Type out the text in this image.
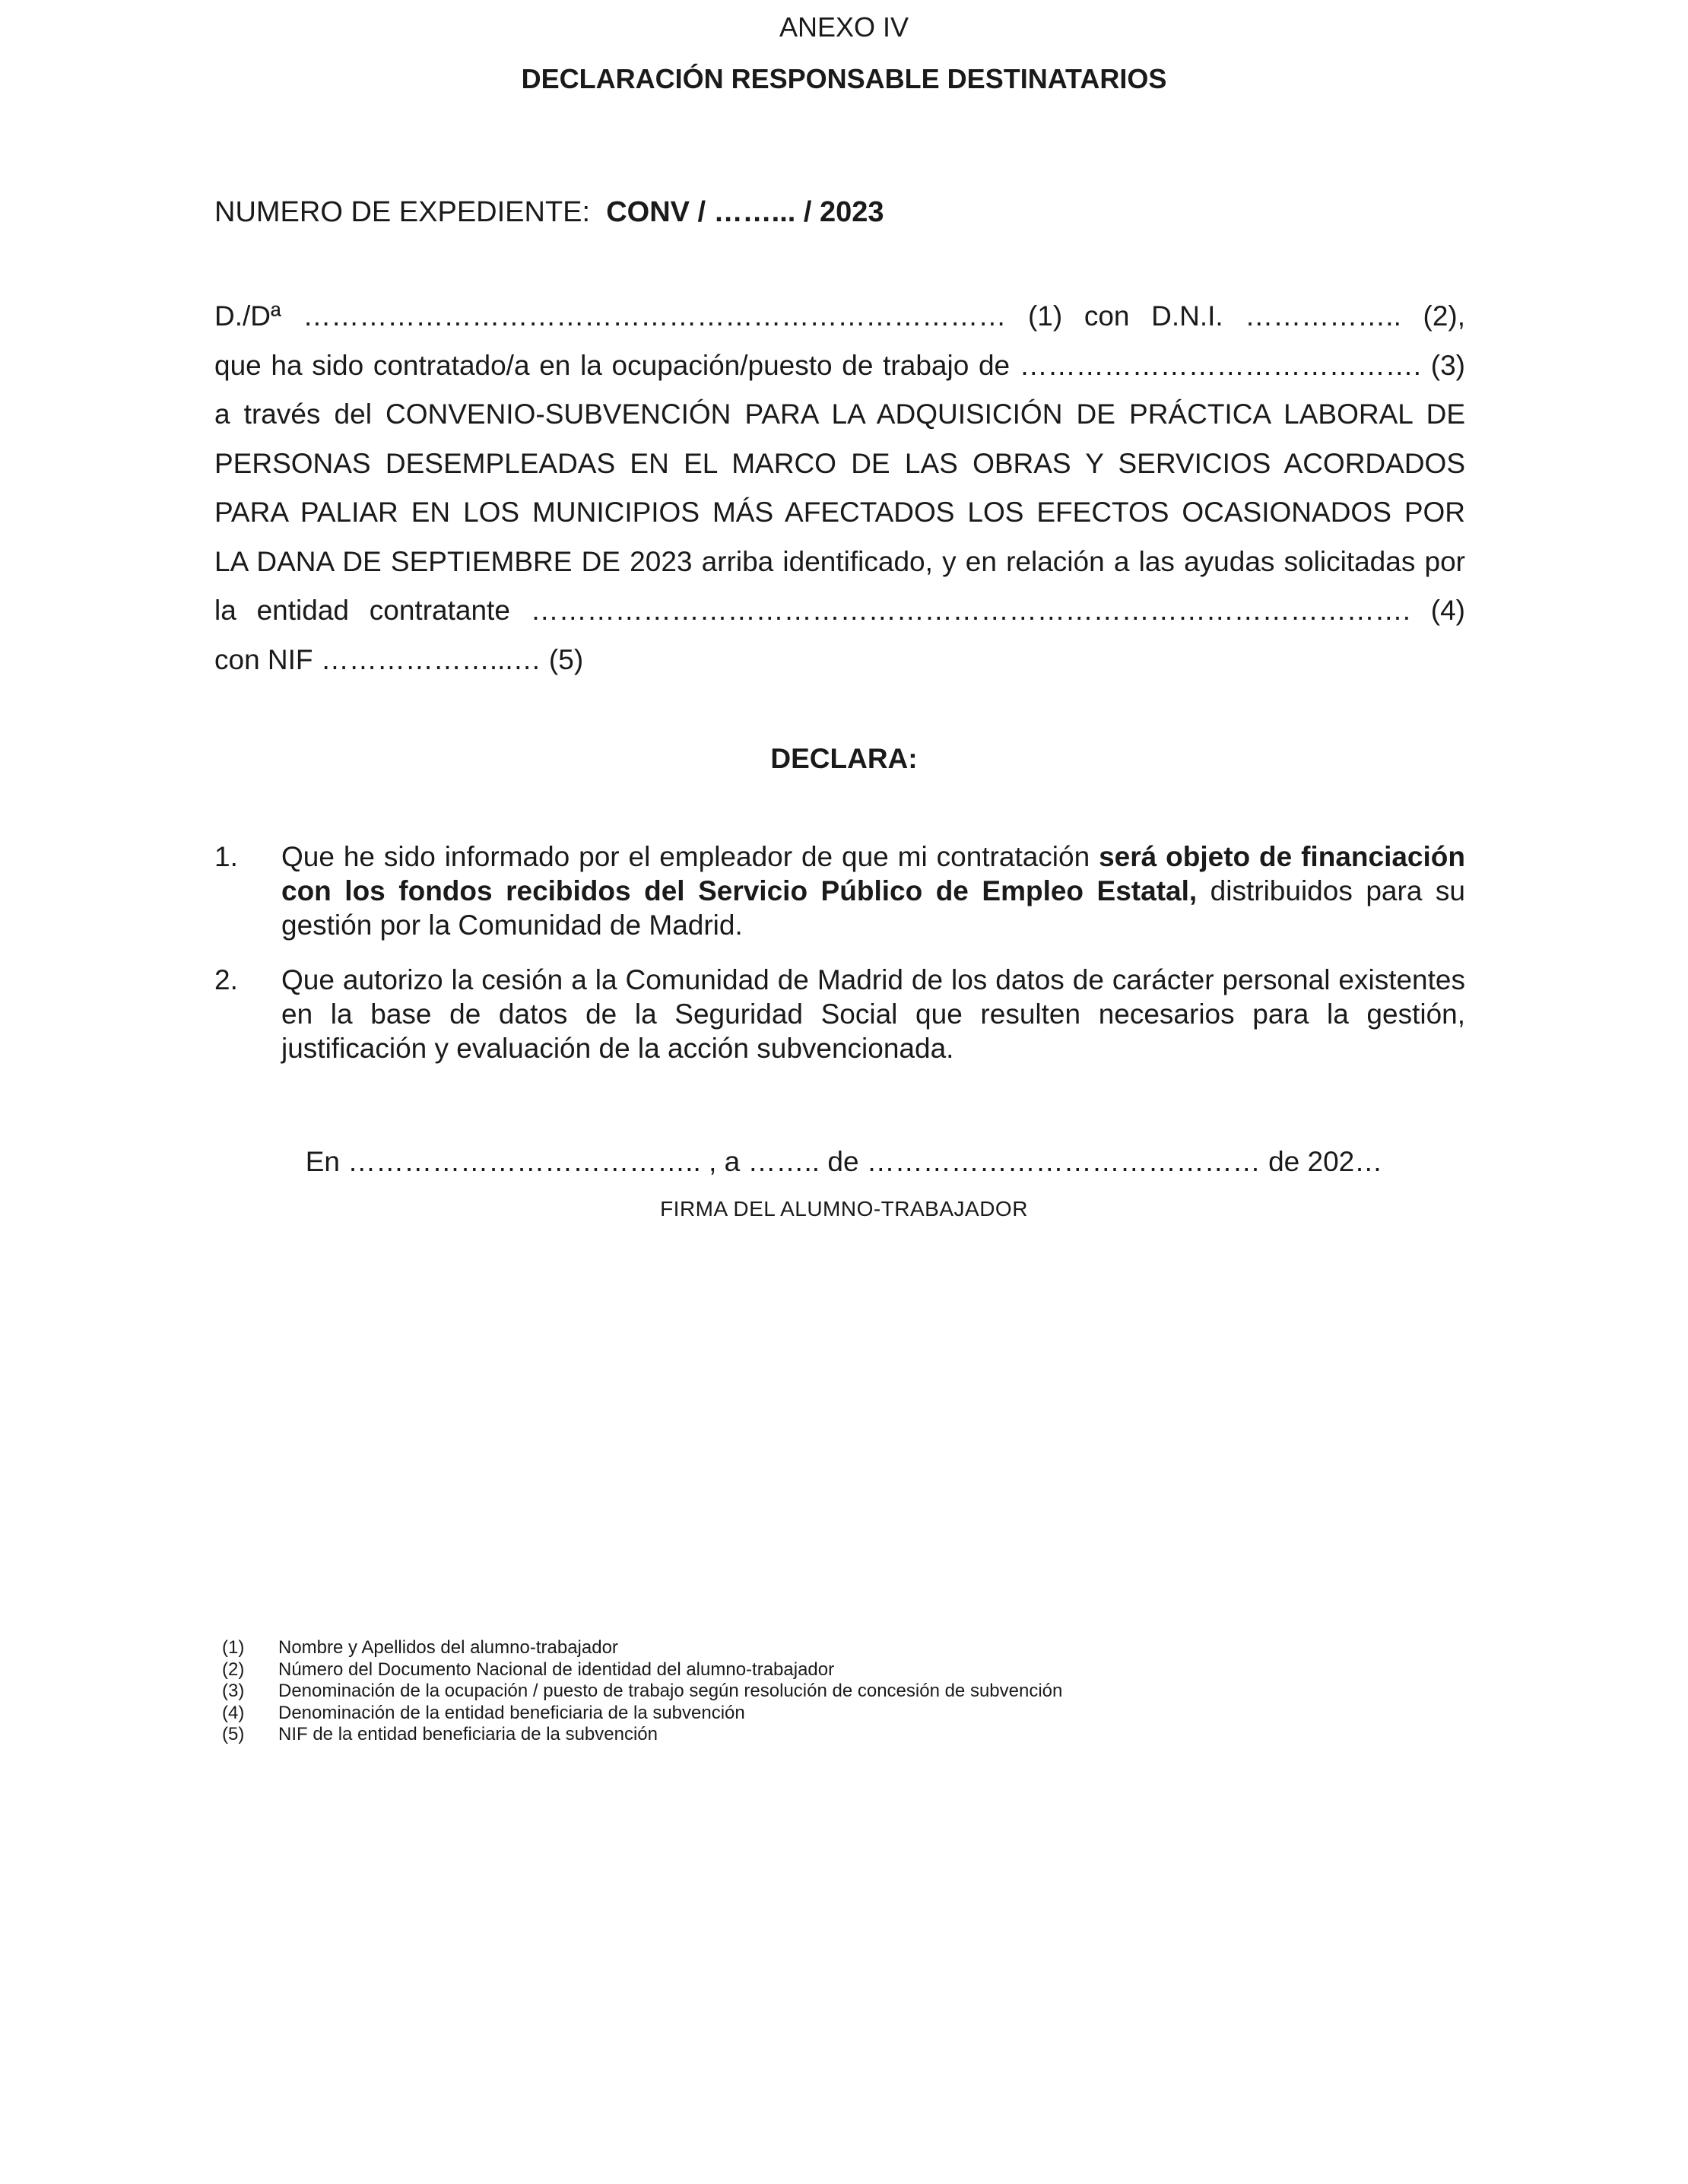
ANEXO IV
DECLARACIÓN RESPONSABLE DESTINATARIOS
NUMERO DE EXPEDIENTE: CONV / ……... / 2023
D./Dª ………………………………………………………………… (1) con D.N.I. …………….. (2),
que ha sido contratado/a en la ocupación/puesto de trabajo de ……………………………………. (3)
a través del CONVENIO-SUBVENCIÓN PARA LA ADQUISICIÓN DE PRÁCTICA LABORAL DE
PERSONAS DESEMPLEADAS EN EL MARCO DE LAS OBRAS Y SERVICIOS ACORDADOS
PARA PALIAR EN LOS MUNICIPIOS MÁS AFECTADOS LOS EFECTOS OCASIONADOS POR
LA DANA DE SEPTIEMBRE DE 2023 arriba identificado, y en relación a las ayudas solicitadas por
la entidad contratante …………………………………………………………………………………. (4)
con NIF ………………...… (5)
DECLARA:
1. Que he sido informado por el empleador de que mi contratación será objeto de financiación con los fondos recibidos del Servicio Público de Empleo Estatal, distribuidos para su gestión por la Comunidad de Madrid.
2. Que autorizo la cesión a la Comunidad de Madrid de los datos de carácter personal existentes en la base de datos de la Seguridad Social que resulten necesarios para la gestión, justificación y evaluación de la acción subvencionada.
En ……………………………….. , a …….. de …………………………………… de 202…
FIRMA DEL ALUMNO-TRABAJADOR
(1) Nombre y Apellidos del alumno-trabajador
(2) Número del Documento Nacional de identidad del alumno-trabajador
(3) Denominación de la ocupación / puesto de trabajo según resolución de concesión de subvención
(4) Denominación de la entidad beneficiaria de la subvención
(5) NIF de la entidad beneficiaria de la subvención
